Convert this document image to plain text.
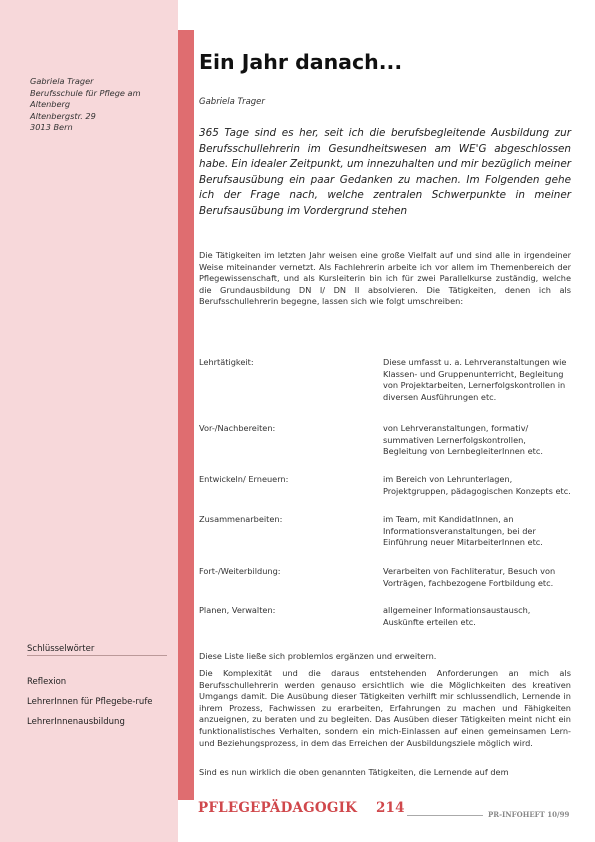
Gabriela Trager
Berufsschule für Pflege am
Altenberg
Altenbergstr. 29
3013 Bern
Schlüsselwörter
Reflexion
LehrerInnen für Pflegebe-rufe
LehrerInnenausbildung
Ein Jahr danach...
Gabriela Trager
365 Tage sind es her, seit ich die berufsbegleitende Ausbildung zur Berufsschullehrerin im Gesundheitswesen am WE'G abgeschlossen habe. Ein idealer Zeitpunkt, um innezuhalten und mir bezüglich meiner Berufsausübung ein paar Gedanken zu machen. Im Folgenden gehe ich der Frage nach, welche zentralen Schwerpunkte in meiner Berufsausübung im Vordergrund stehen
Die Tätigkeiten im letzten Jahr weisen eine große Vielfalt auf und sind alle in irgendeiner Weise miteinander vernetzt. Als Fachlehrerin arbeite ich vor allem im Themenbereich der Pflegewissenschaft, und als Kursleiterin bin ich für zwei Parallelkurse zuständig, welche die Grundausbildung DN I/ DN II absolvieren. Die Tätigkeiten, denen ich als Berufsschullehrerin begegne, lassen sich wie folgt umschreiben:
Lehrtätigkeit:	Diese umfasst u. a. Lehrveranstaltungen wie Klassen- und Gruppenunterricht, Begleitung von Projektarbeiten, Lernerfolgskontrollen in diversen Ausführungen etc.
Vor-/Nachbereiten:	von Lehrveranstaltungen, formativ/ summativen Lernerfolgskontrollen, Begleitung von LernbegleiterInnen etc.
Entwickeln/ Erneuern:	im Bereich von Lehrunterlagen, Projektgruppen, pädagogischen Konzepts etc.
Zusammenarbeiten:	im Team, mit KandidatInnen, an Informationsveranstaltungen, bei der Einführung neuer MitarbeiterInnen etc.
Fort-/Weiterbildung:	Verarbeiten von Fachliteratur, Besuch von Vorträgen, fachbezogene Fortbildung etc.
Planen, Verwalten:	allgemeiner Informationsaustausch, Auskünfte erteilen etc.
Diese Liste ließe sich problemlos ergänzen und erweitern.
Die Komplexität und die daraus entstehenden Anforderungen an mich als Berufsschullehrerin werden genauso ersichtlich wie die Möglichkeiten des kreativen Umgangs damit. Die Ausübung dieser Tätigkeiten verhilft mir schlussendlich, Lernende in ihrem Prozess, Fachwissen zu erarbeiten, Erfahrungen zu machen und Fähigkeiten anzueignen, zu beraten und zu begleiten. Das Ausüben dieser Tätigkeiten meint nicht ein funktionalistisches Verhalten, sondern ein mich-Einlassen auf einen gemeinsamen Lern- und Beziehungsprozess, in dem das Erreichen der Ausbildungsziele möglich wird.
Sind es nun wirklich die oben genannten Tätigkeiten, die Lernende auf dem
PFLEGEPÄDAGOGIK 214	PR-INFOHEFT 10/99
